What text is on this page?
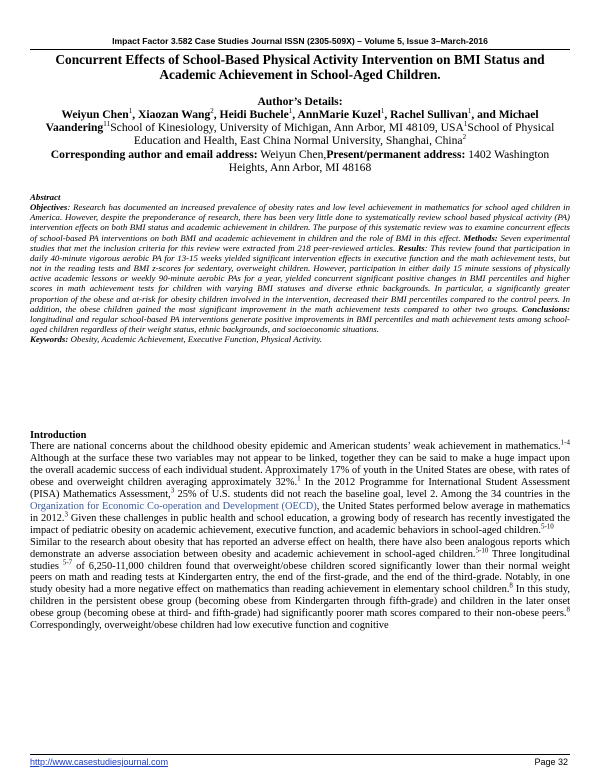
Impact Factor 3.582 Case Studies Journal ISSN (2305-509X) – Volume 5, Issue 3–March-2016
Concurrent Effects of School-Based Physical Activity Intervention on BMI Status and Academic Achievement in School-Aged Children.
Author’s Details:
Weiyun Chen$^1$, Xiaozan Wang$^2$, Heidi Buchele$^1$, AnnMarie Kuzel$^1$, Rachel Sullivan$^1$, and Michael Vaandering$^{11}$School of Kinesiology, University of Michigan, Ann Arbor, MI 48109, USA$^1$School of Physical Education and Health, East China Normal University, Shanghai, China$^2$
Corresponding author and email address: Weiyun Chen,Present/permanent address: 1402 Washington Heights, Ann Arbor, MI 48168

Abstract

Objectives: Research has documented an increased prevalence of obesity rates and low level achievement in mathematics for school aged children in America. However, despite the preponderance of research, there has been very little done to systematically review school based physical activity (PA) intervention effects on both BMI status and academic achievement in children. The purpose of this systematic review was to examine concurrent effects of school-based PA interventions on both BMI and academic achievement in children and the role of BMI in this effect. Methods: Seven experimental studies that met the inclusion criteria for this review were extracted from 218 peer-reviewed articles. Results: This review found that participation in daily 40-minute vigorous aerobic PA for 13-15 weeks yielded significant intervention effects in executive function and the math achievement tests, but not in the reading tests and BMI z-scores for sedentary, overweight children. However, participation in either daily 15 minute sessions of physically active academic lessons or weekly 90-minute aerobic PAs for a year, yielded concurrent significant positive changes in BMI percentiles and higher scores in math achievement tests for children with varying BMI statuses and diverse ethnic backgrounds. In particular, a significantly greater proportion of the obese and at-risk for obesity children involved in the intervention, decreased their BMI percentiles compared to the control peers. In addition, the obese children gained the most significant improvement in the math achievement tests compared to other two groups. Conclusions: longitudinal and regular school-based PA interventions generate positive improvements in BMI percentiles and math achievement tests among school-aged children regardless of their weight status, ethnic backgrounds, and socioeconomic situations.

Keywords: Obesity, Academic Achievement, Executive Function, Physical Activity.

Introduction

There are national concerns about the childhood obesity epidemic and American students’ weak achievement in mathematics.$^{1-4}$ Although at the surface these two variables may not appear to be linked, together they can be said to make a huge impact upon the overall academic success of each individual student. Approximately 17% of youth in the United States are obese, with rates of obese and overweight children averaging approximately 32%.$^1$ In the 2012 Programme for International Student Assessment (PISA) Mathematics Assessment,$^3$ 25% of U.S. students did not reach the baseline goal, level 2. Among the 34 countries in the Organization for Economic Co-operation and Development (OECD), the United States performed below average in mathematics in 2012.$^3$ Given these challenges in public health and school education, a growing body of research has recently investigated the impact of pediatric obesity on academic achievement, executive function, and academic behaviors in school-aged children.$^{5-10}$

Similar to the research about obesity that has reported an adverse effect on health, there have also been analogous reports which demonstrate an adverse association between obesity and academic achievement in school-aged children.$^{5-10}$ Three longitudinal studies $^{5-7}$ of 6,250-11,000 children found that overweight/obese children scored significantly lower than their normal weight peers on math and reading tests at Kindergarten entry, the end of the first-grade, and the end of the third-grade. Notably, in one study obesity had a more negative effect on mathematics than reading achievement in elementary school children.$^8$ In this study, children in the persistent obese group (becoming obese from Kindergarten through fifth-grade) and children in the later onset obese group (becoming obese at third- and fifth-grade) had significantly poorer math scores compared to their non-obese peers.$^8$ Correspondingly, overweight/obese children had low executive function and cognitive

http://www.casestudiesjournal.com	Page 32
